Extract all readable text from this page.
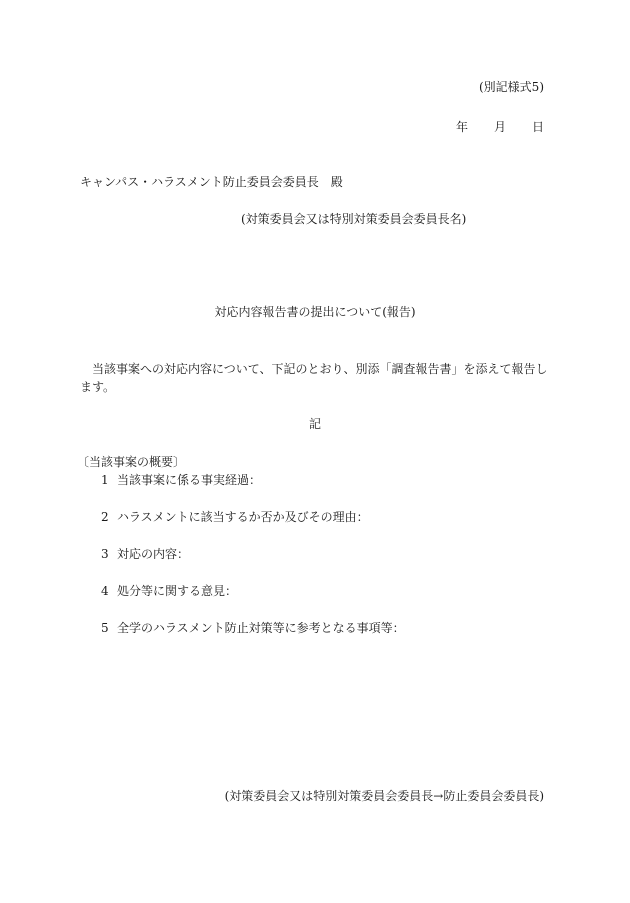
(別記様式5)
年 月 日
キャンパス・ハラスメント防止委員会委員長　殿
(対策委員会又は特別対策委員会委員長名)
対応内容報告書の提出について(報告)
当該事案への対応内容について、下記のとおり、別添「調査報告書」を添えて報告します。
記
〔当該事案の概要〕
1 当該事案に係る事実経過：
2 ハラスメントに該当するか否か及びその理由：
3 対応の内容：
4 処分等に関する意見：
5 全学のハラスメント防止対策等に参考となる事項等：
(対策委員会又は特別対策委員会委員長→防止委員会委員長)
